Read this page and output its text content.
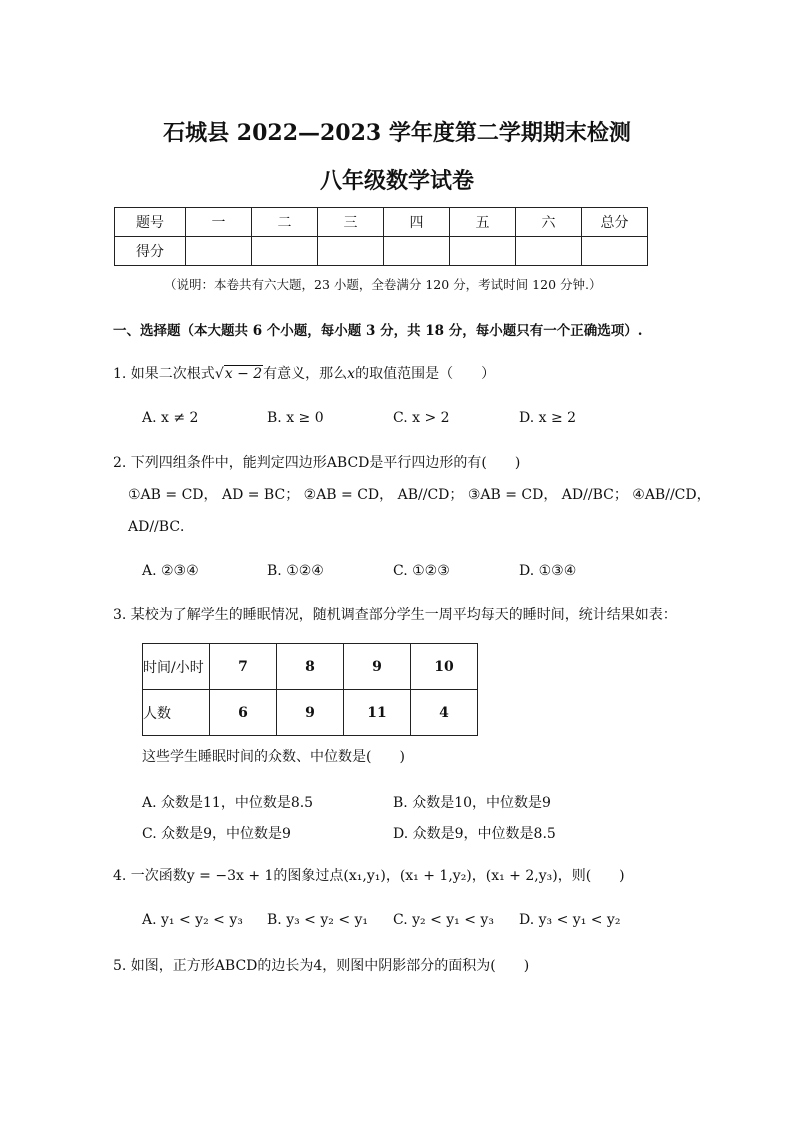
石城县 2022—2023 学年度第二学期期末检测
八年级数学试卷
题号	一	二	三	四	五	六	总分
得分							
（说明：本卷共有六大题，23 小题，全卷满分 120 分，考试时间 120 分钟.）
一、选择题（本大题共 6 个小题，每小题 3 分，共 18 分，每小题只有一个正确选项）.
1. 如果二次根式√x − 2有意义，那么x的取值范围是（　　）
A. x ≠ 2	B. x ≥ 0	C. x > 2	D. x ≥ 2
2. 下列四组条件中，能判定四边形ABCD是平行四边形的有(　　)
①AB = CD， AD = BC； ②AB = CD， AB//CD； ③AB = CD， AD//BC； ④AB//CD，
AD//BC．
A. ②③④	B. ①②④	C. ①②③	D. ①③④
3. 某校为了解学生的睡眠情况，随机调查部分学生一周平均每天的睡时间，统计结果如表：
时间/小时	7	8	9	10
人数	6	9	11	4
这些学生睡眠时间的众数、中位数是(　　)
A. 众数是11，中位数是8.5	B. 众数是10，中位数是9
C. 众数是9，中位数是9	D. 众数是9，中位数是8.5
4. 一次函数y = −3x + 1的图象过点(x₁,y₁)，(x₁ + 1,y₂)，(x₁ + 2,y₃)，则(　　)
A. y₁ < y₂ < y₃ B. y₃ < y₂ < y₁ C. y₂ < y₁ < y₃ D. y₃ < y₁ < y₂
5. 如图，正方形ABCD的边长为4，则图中阴影部分的面积为(　　)
